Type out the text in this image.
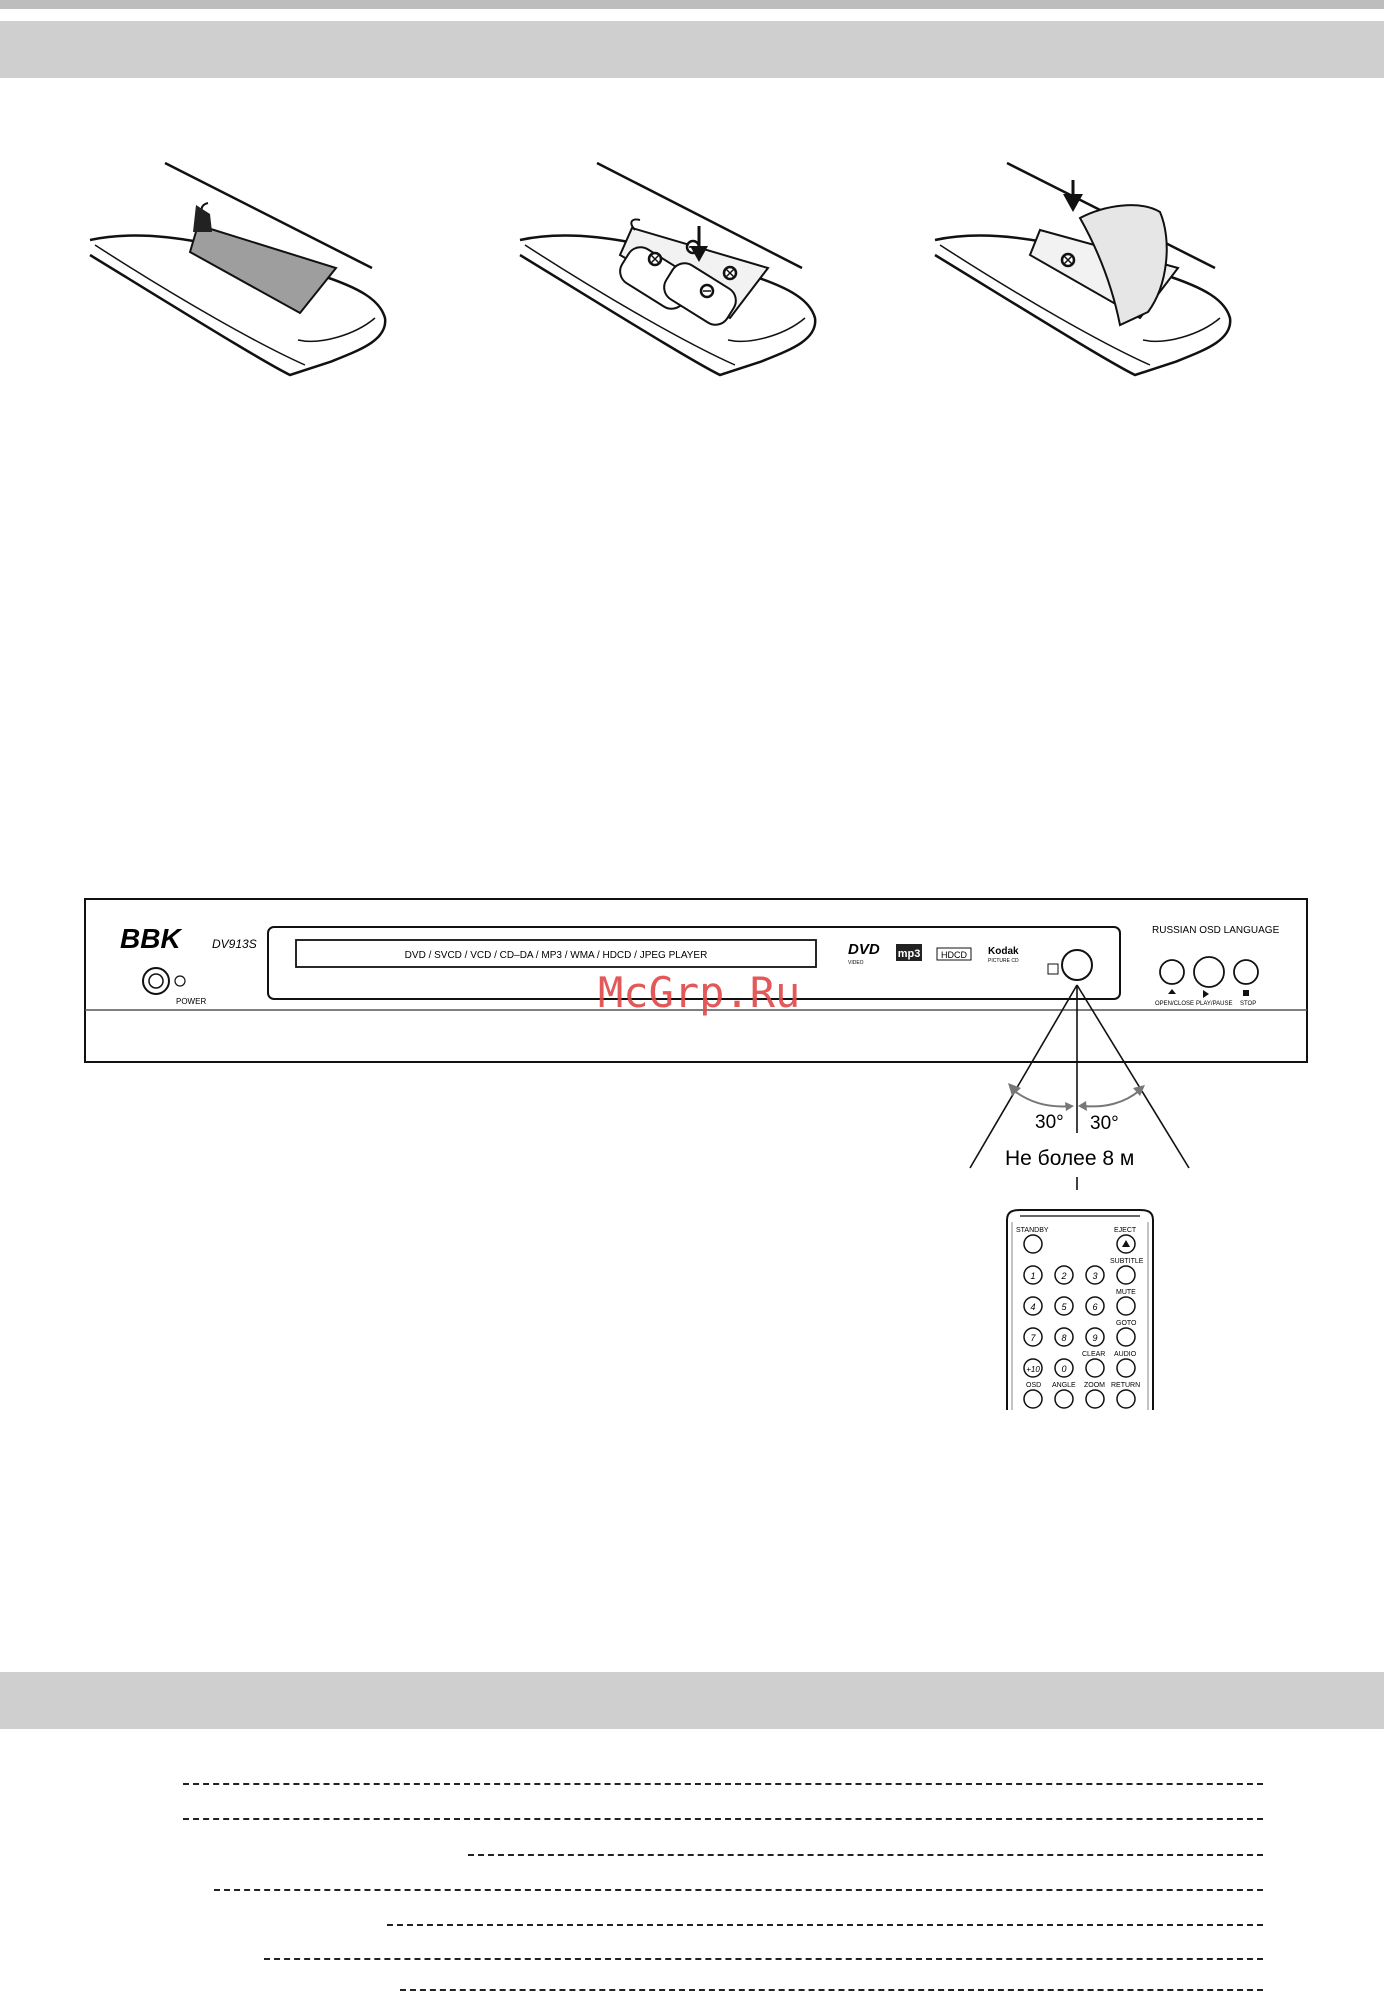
DVD / SVCD / VCD / CD–DA / MP3 / WMA / HDCD / JPEG PLAYER
BBK	DV913S
POWER
DVD
VIDEO
mp3 HDCD Kodak
PICTURE CD
RUSSIAN OSD LANGUAGE
OPEN/CLOSE PLAY/PAUSE STOP
30° 30°
Не более 8 м
STANDBY	EJECT
SUBTITLE
1	2	3
MUTE
4	5	6
GOTO
7	8	9
CLEAR AUDIO
+10 0
OSD ANGLE ZOOM RETURN
McGrp.Ru
